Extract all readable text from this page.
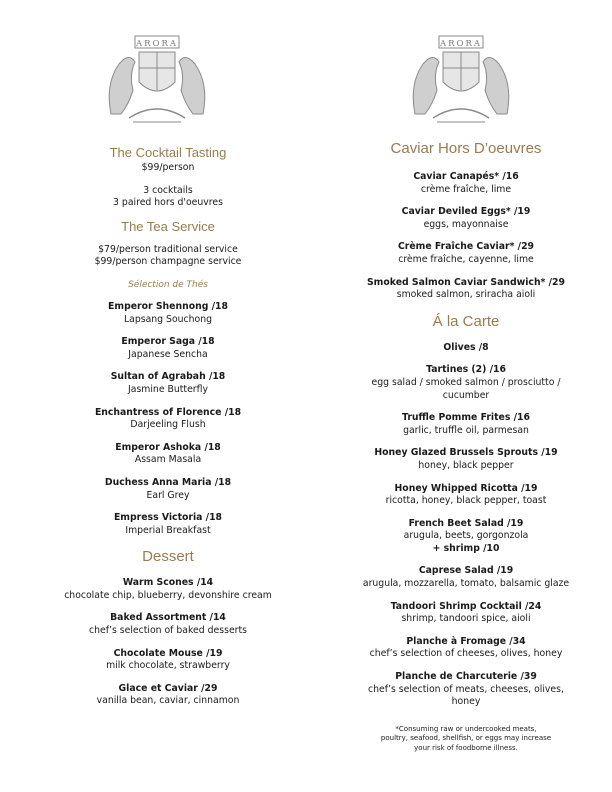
ARORA	ARORA
The Cocktail Tasting
$99/person
3 cocktails
3 paired hors d'oeuvres
The Tea Service
$79/person traditional service
$99/person champagne service
Sélection de Thés
Emperor Shennong /18
Lapsang Souchong
Emperor Saga /18
Japanese Sencha
Sultan of Agrabah /18
Jasmine Butterfly
Enchantress of Florence /18
Darjeeling Flush
Emperor Ashoka /18
Assam Masala
Duchess Anna Maria /18
Earl Grey
Empress Victoria /18
Imperial Breakfast
Dessert
Warm Scones /14
chocolate chip, blueberry, devonshire cream
Baked Assortment /14
chef’s selection of baked desserts
Chocolate Mouse /19
milk chocolate, strawberry
Glace et Caviar /29
vanilla bean, caviar, cinnamon
Caviar Hors D’oeuvres
Caviar Canapés* /16
crème fraîche, lime
Caviar Deviled Eggs* /19
eggs, mayonnaise
Crème Fraîche Caviar* /29
crème fraîche, cayenne, lime
Smoked Salmon Caviar Sandwich* /29
smoked salmon, sriracha aioli
Á la Carte
Olives /8
Tartines (2) /16
egg salad / smoked salmon / prosciutto /
cucumber
Truffle Pomme Frites /16
garlic, truffle oil, parmesan
Honey Glazed Brussels Sprouts /19
honey, black pepper
Honey Whipped Ricotta /19
ricotta, honey, black pepper, toast
French Beet Salad /19
arugula, beets, gorgonzola
+ shrimp /10
Caprese Salad /19
arugula, mozzarella, tomato, balsamic glaze
Tandoori Shrimp Cocktail /24
shrimp, tandoori spice, aioli
Planche à Fromage /34
chef’s selection of cheeses, olives, honey
Planche de Charcuterie /39
chef’s selection of meats, cheeses, olives,
honey
*Consuming raw or undercooked meats,
poultry, seafood, shellfish, or eggs may increase
your risk of foodborne illness.
